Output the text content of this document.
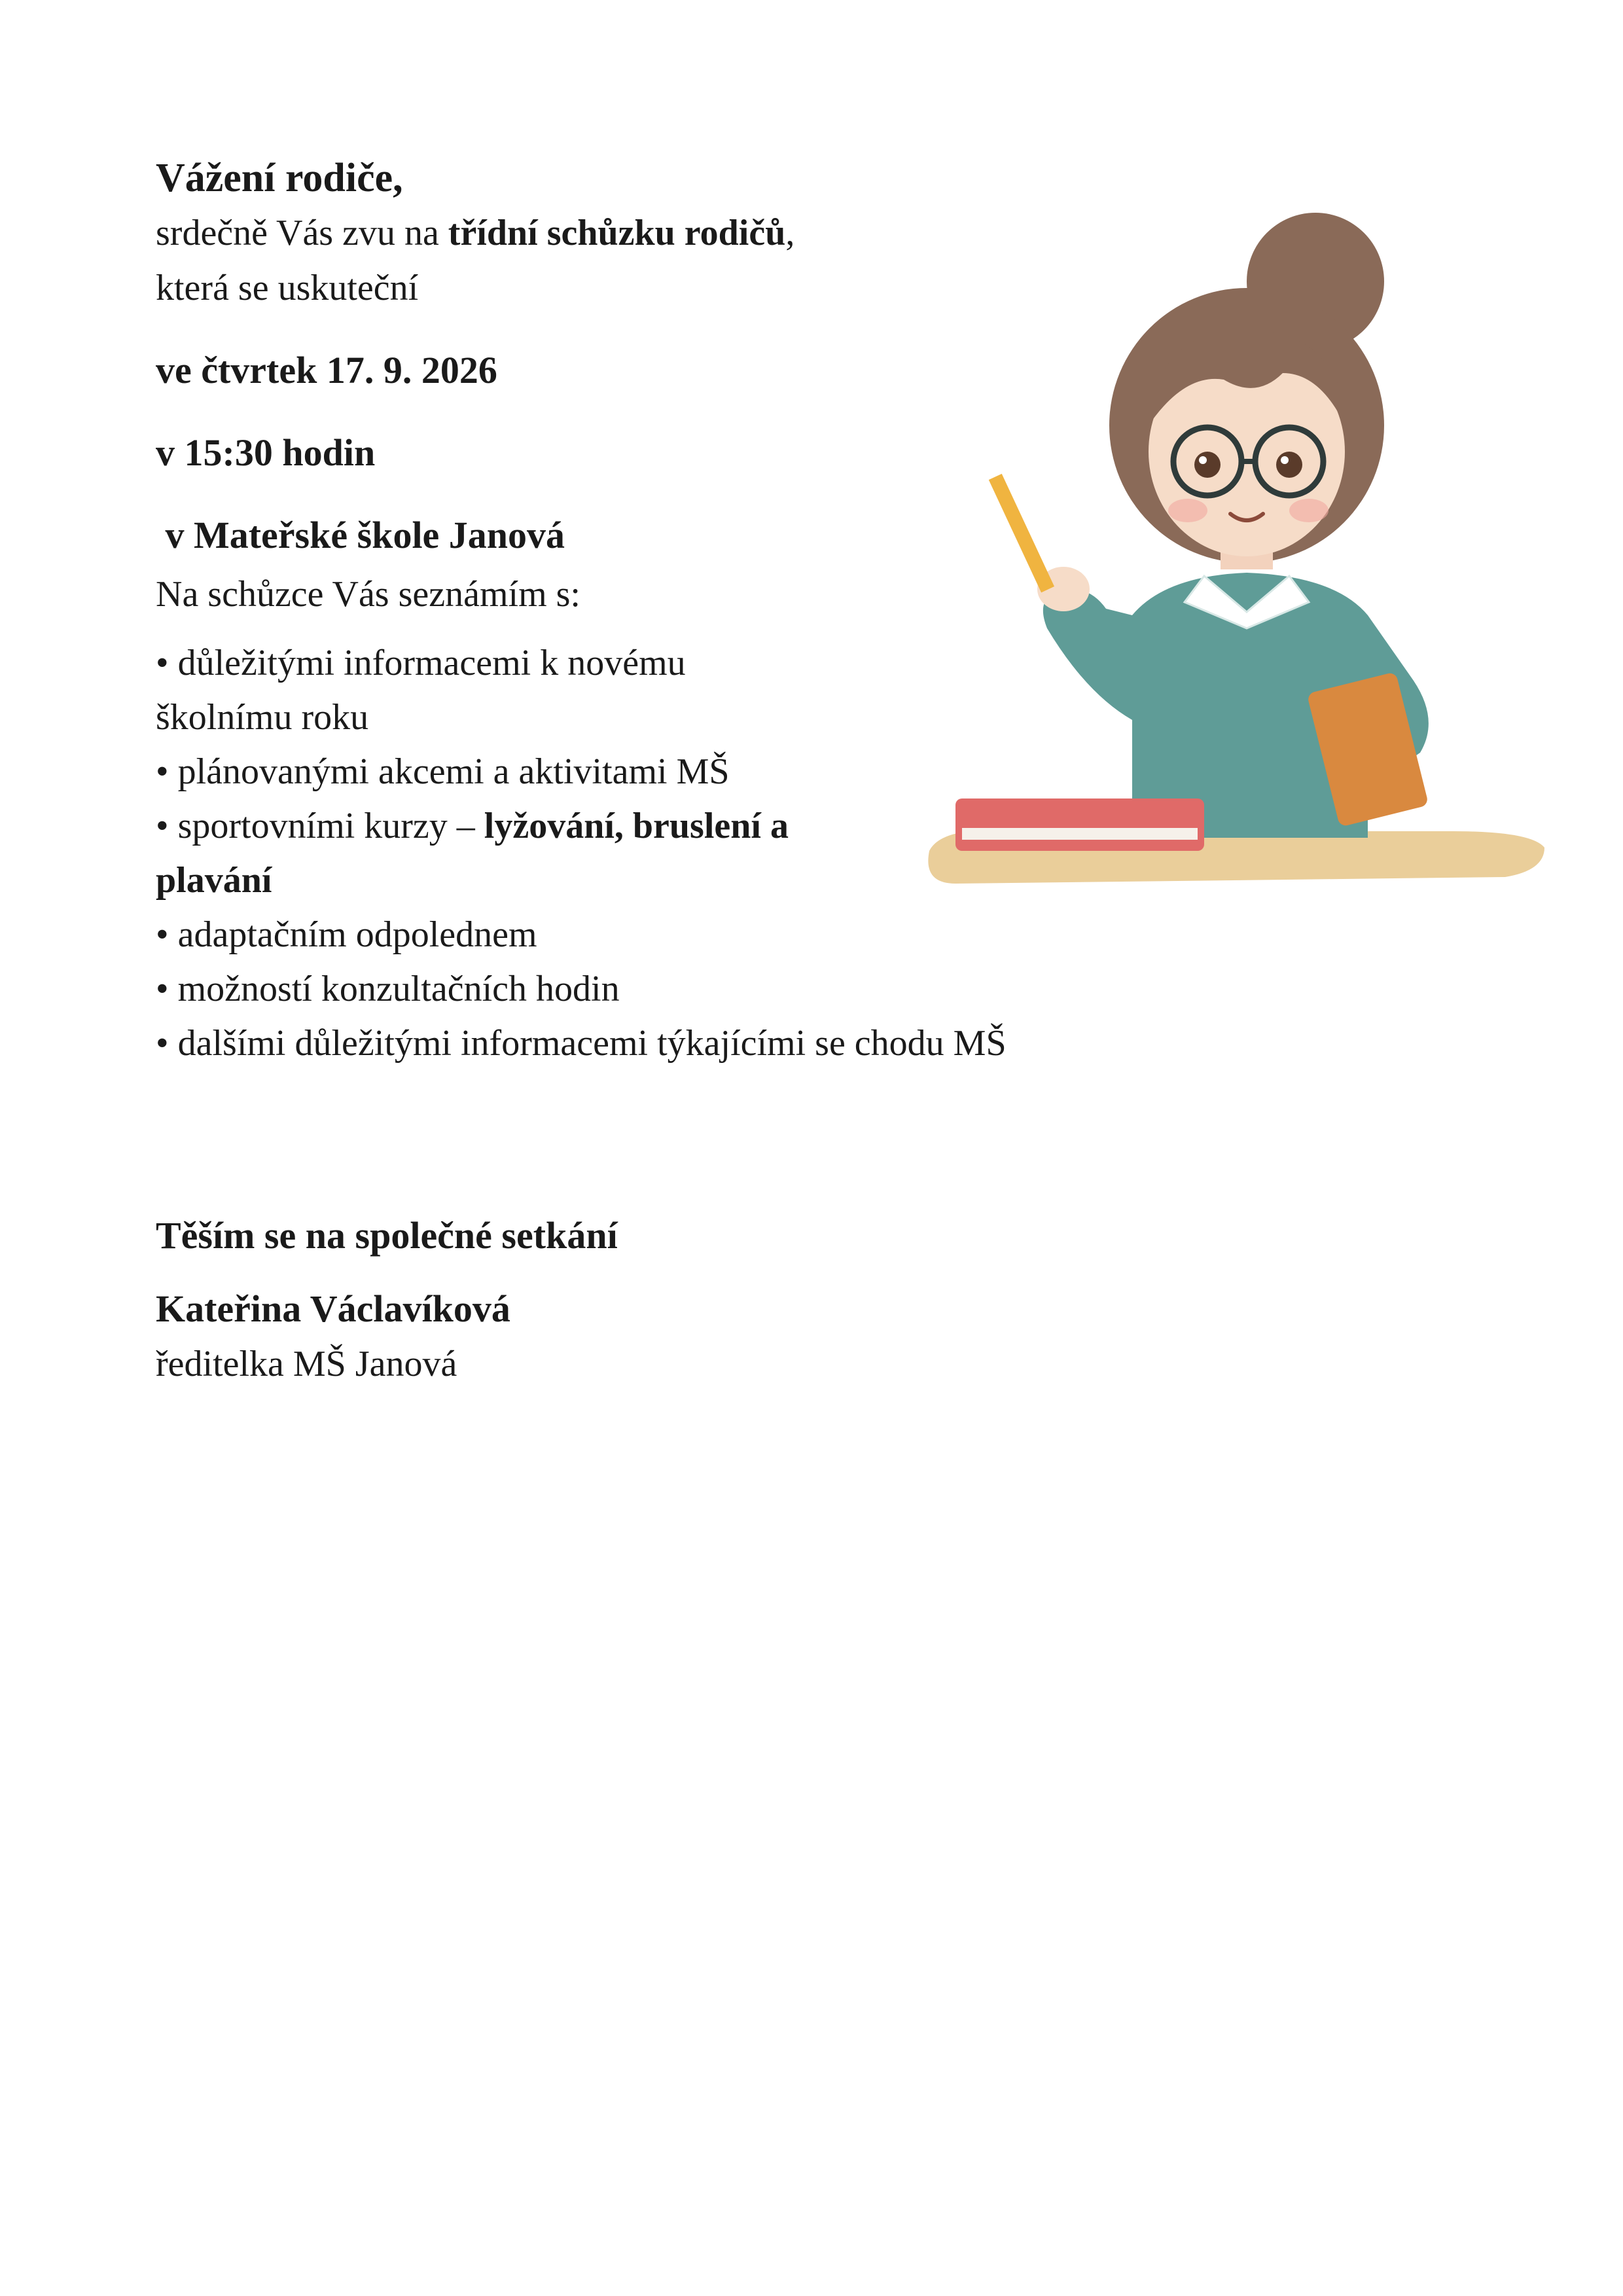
Vážení rodiče,
srdečně Vás zvu na třídní schůzku rodičů,
která se uskuteční
ve čtvrtek 17. 9. 2026
v 15:30 hodin
v Mateřské škole Janová
Na schůzce Vás seznámím s:
• důležitými informacemi k novému
školnímu roku
• plánovanými akcemi a aktivitami MŠ
• sportovními kurzy – lyžování, bruslení a
plavání
• adaptačním odpolednem
• možností konzultačních hodin
• dalšími důležitými informacemi týkajícími se chodu MŠ
Těším se na společné setkání
Kateřina Václavíková
ředitelka MŠ Janová
